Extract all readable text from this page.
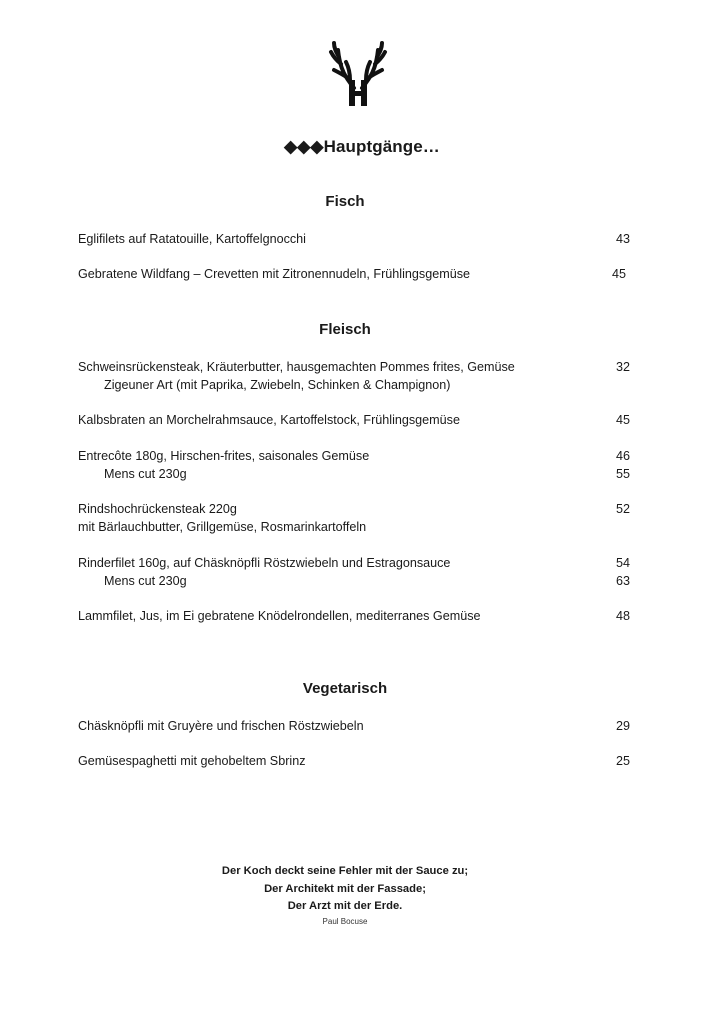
◆◆◆Hauptgänge…
Fisch
Eglifilets auf Ratatouille, Kartoffelgnocchi	43
Gebratene Wildfang – Crevetten mit Zitronennudeln, Frühlingsgemüse	45
Fleisch
Schweinsrückensteak, Kräuterbutter, hausgemachten Pommes frites, Gemüse	32
Zigeuner Art (mit Paprika, Zwiebeln, Schinken & Champignon)
Kalbsbraten an Morchelrahmsauce, Kartoffelstock, Frühlingsgemüse	45
Entrecôte 180g, Hirschen-frites, saisonales Gemüse	46
Mens cut 230g	55
Rindshochrückensteak 220g	52
mit Bärlauchbutter, Grillgemüse, Rosmarinkartoffeln
Rinderfilet 160g, auf Chäsknöpfli Röstzwiebeln und Estragonsauce	54
Mens cut 230g	63
Lammfilet, Jus, im Ei gebratene Knödelrondellen, mediterranes Gemüse	48
Vegetarisch
Chäsknöpfli mit Gruyère und frischen Röstzwiebeln	29
Gemüsespaghetti mit gehobeltem Sbrinz	25
Der Koch deckt seine Fehler mit der Sauce zu;
Der Architekt mit der Fassade;
Der Arzt mit der Erde.
Paul Bocuse
